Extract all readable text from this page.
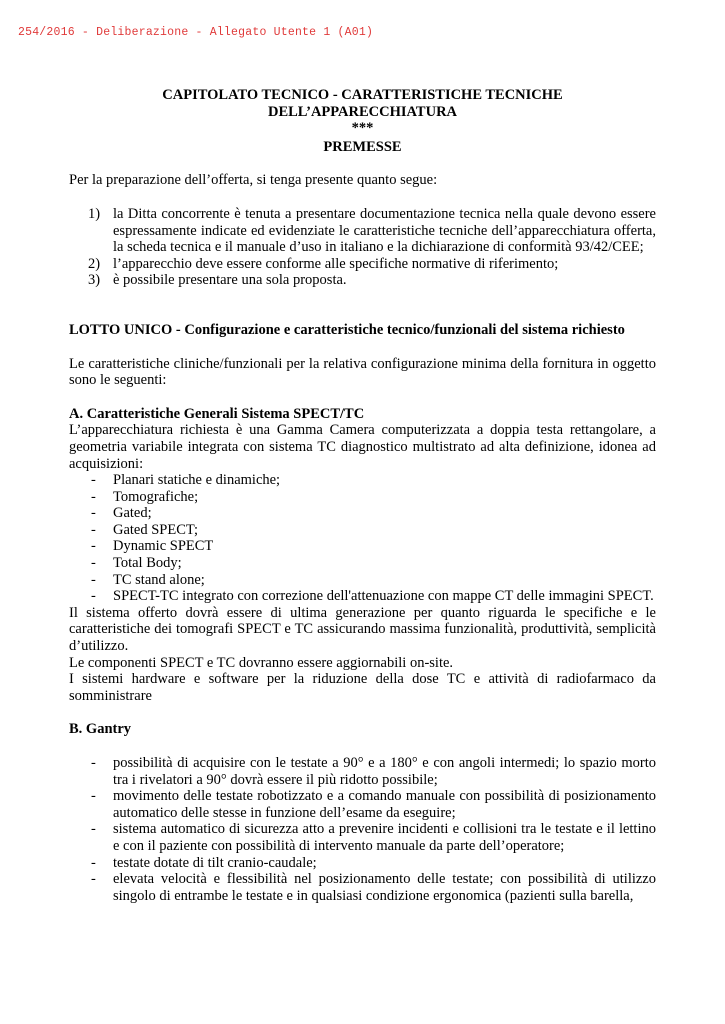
254/2016 - Deliberazione - Allegato Utente 1 (A01)
CAPITOLATO TECNICO - CARATTERISTICHE TECNICHE
DELL’APPARECCHIATURA
***
PREMESSE

Per la preparazione dell’offerta, si tenga presente quanto segue:

1) la Ditta concorrente è tenuta a presentare documentazione tecnica nella quale devono essere espressamente indicate ed evidenziate le caratteristiche tecniche dell’apparecchiatura offerta, la scheda tecnica e il manuale d’uso in italiano e la dichiarazione di conformità 93/42/CEE;
2) l’apparecchio deve essere conforme alle specifiche normative di riferimento;
3) è possibile presentare una sola proposta.

LOTTO UNICO - Configurazione e caratteristiche tecnico/funzionali del sistema richiesto

Le caratteristiche cliniche/funzionali per la relativa configurazione minima della fornitura in oggetto sono le seguenti:

A. Caratteristiche Generali Sistema SPECT/TC

L’apparecchiatura richiesta è una Gamma Camera computerizzata a doppia testa rettangolare, a geometria variabile integrata con sistema TC diagnostico multistrato ad alta definizione, idonea ad acquisizioni:

- Planari statiche e dinamiche;
- Tomografiche;
- Gated;
- Gated SPECT;
- Dynamic SPECT
- Total Body;
- TC stand alone;
- SPECT-TC integrato con correzione dell'attenuazione con mappe CT delle immagini SPECT.

Il sistema offerto dovrà essere di ultima generazione per quanto riguarda le specifiche e le caratteristiche dei tomografi SPECT e TC assicurando massima funzionalità, produttività, semplicità d’utilizzo.

Le componenti SPECT e TC dovranno essere aggiornabili on-site.

I sistemi hardware e software per la riduzione della dose TC e attività di radiofarmaco da somministrare

B. Gantry

- possibilità di acquisire con le testate a 90° e a 180° e con angoli intermedi; lo spazio morto tra i rivelatori a 90° dovrà essere il più ridotto possibile;
- movimento delle testate robotizzato e a comando manuale con possibilità di posizionamento automatico delle stesse in funzione dell’esame da eseguire;
- sistema automatico di sicurezza atto a prevenire incidenti e collisioni tra le testate e il lettino e con il paziente con possibilità di intervento manuale da parte dell’operatore;
- testate dotate di tilt cranio-caudale;
- elevata velocità e flessibilità nel posizionamento delle testate; con possibilità di utilizzo singolo di entrambe le testate e in qualsiasi condizione ergonomica (pazienti sulla barella,
